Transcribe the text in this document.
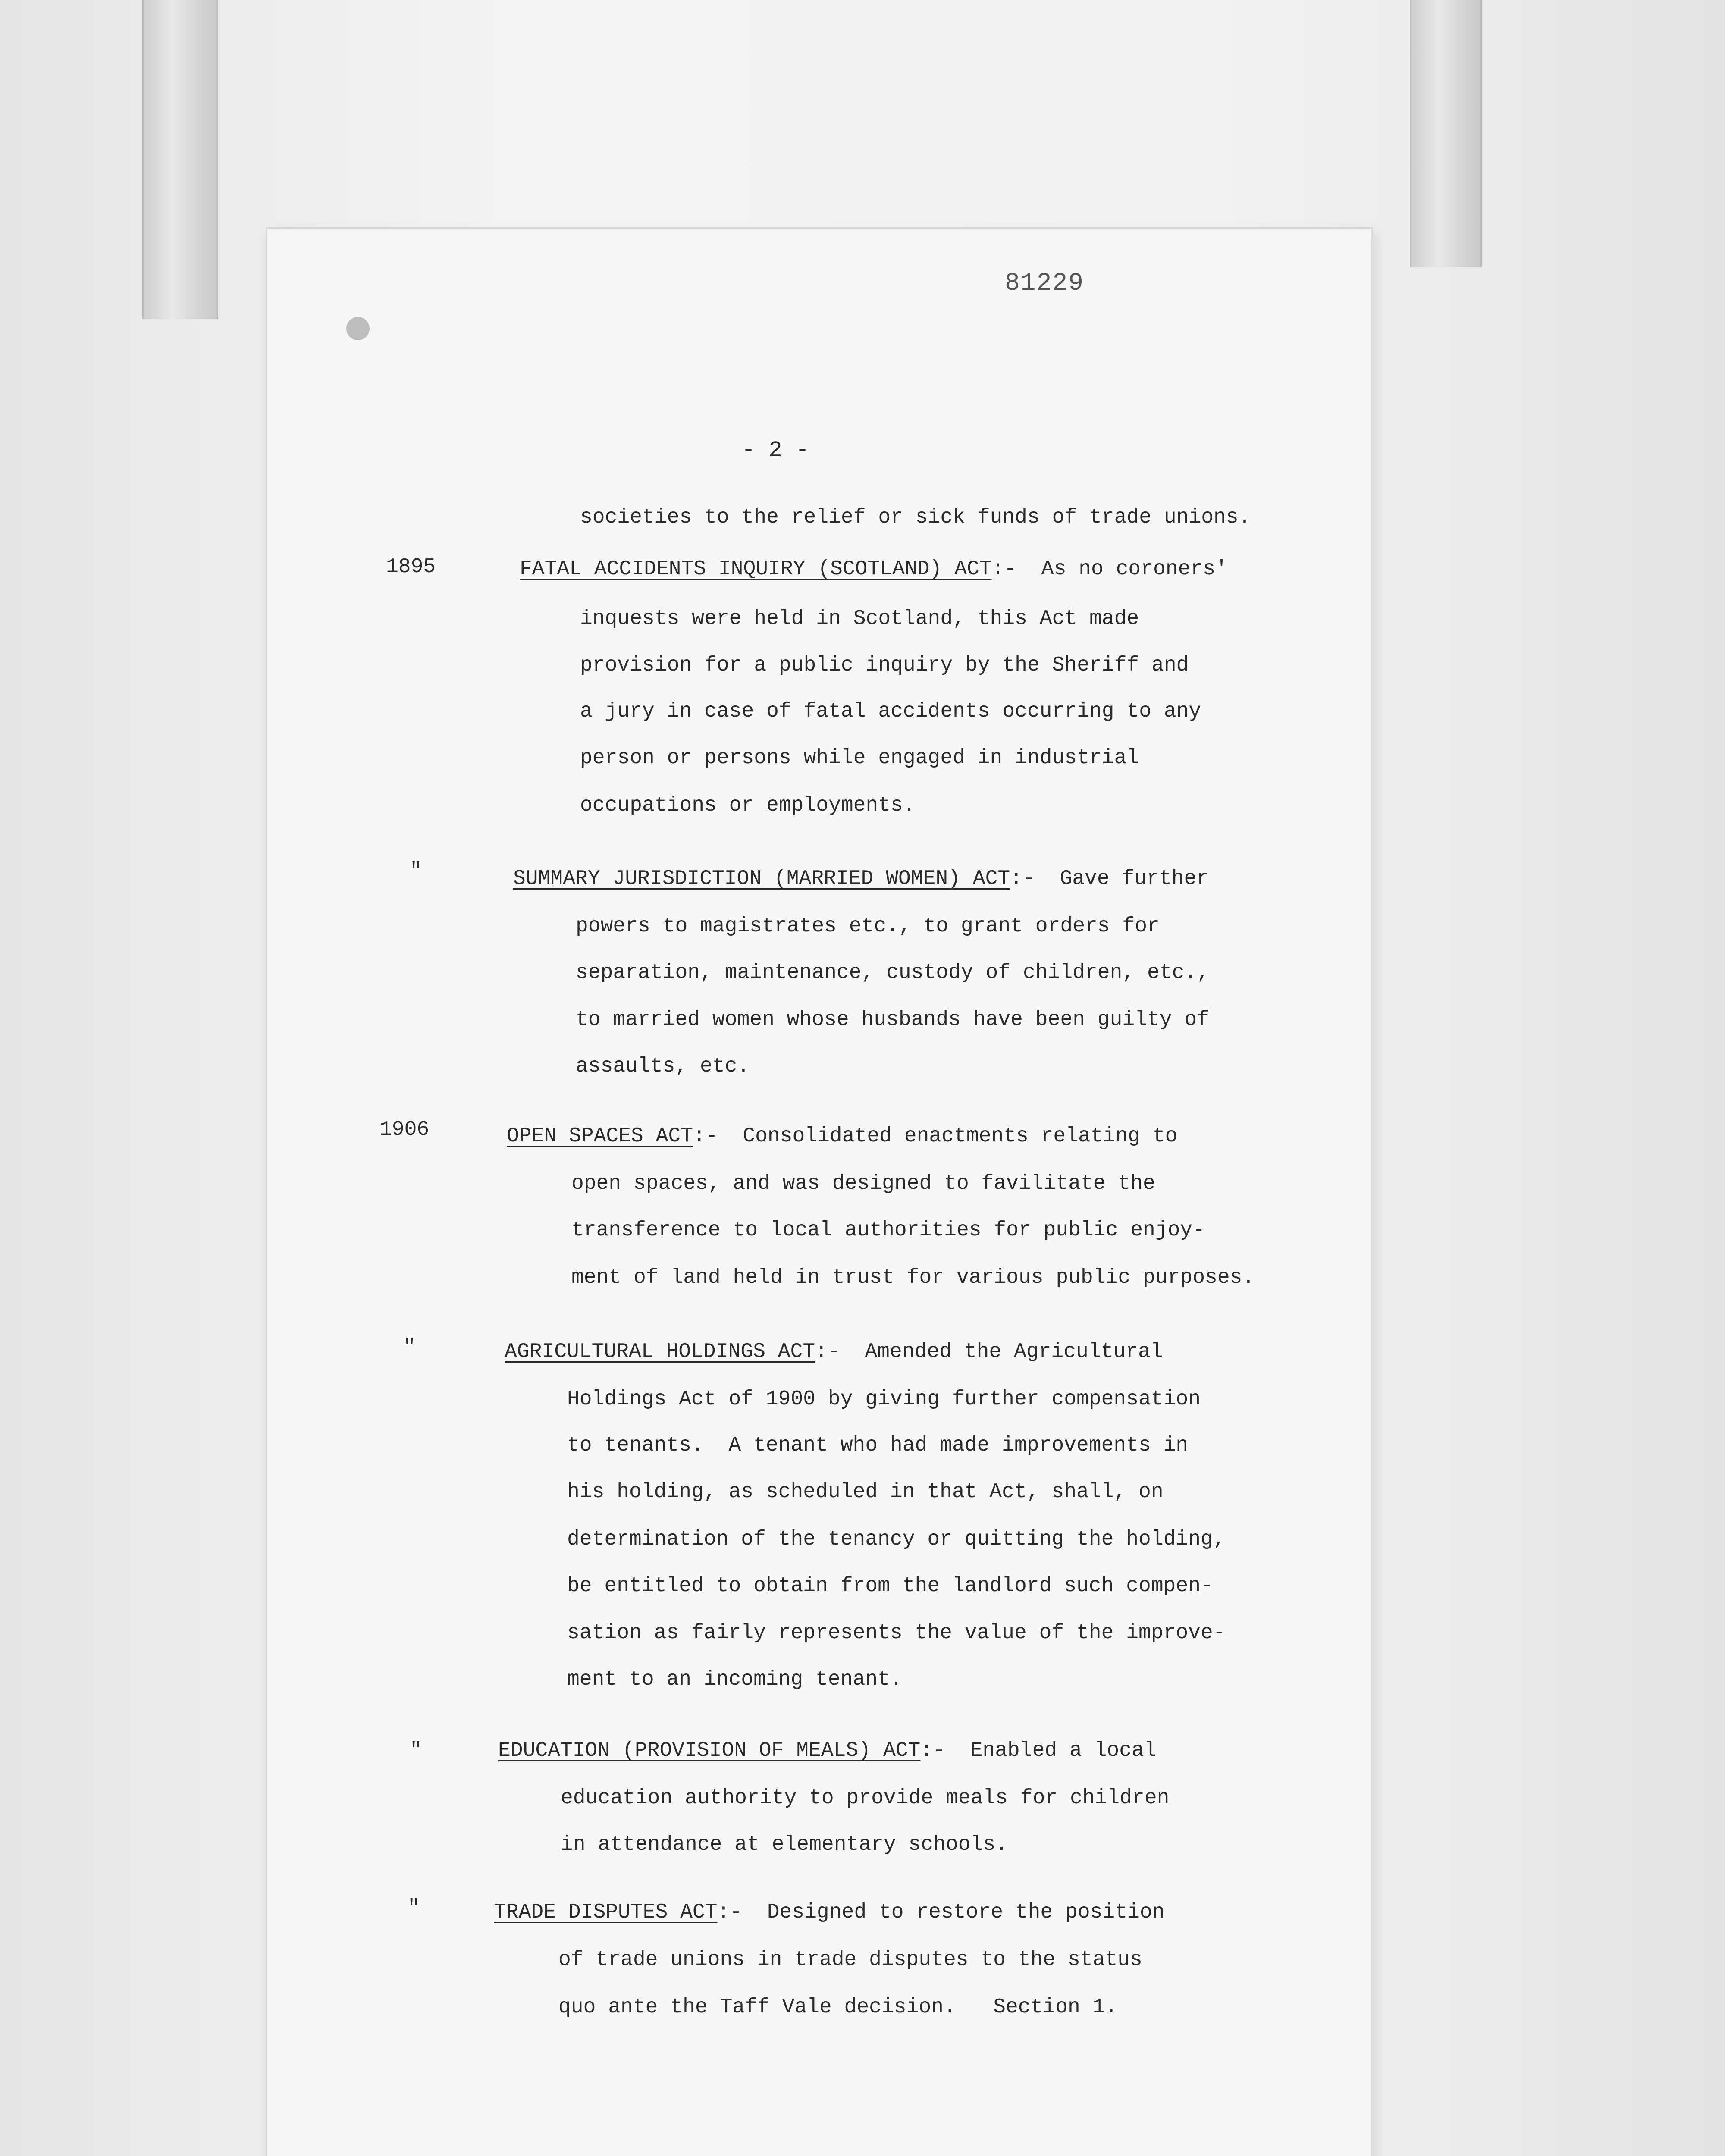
81229
- 2 -
societies to the relief or sick funds of trade unions.
1895	FATAL ACCIDENTS INQUIRY (SCOTLAND) ACT:- As no coroners'
inquests were held in Scotland, this Act made
provision for a public inquiry by the Sheriff and
a jury in case of fatal accidents occurring to any
person or persons while engaged in industrial
occupations or employments.
"	SUMMARY JURISDICTION (MARRIED WOMEN) ACT:- Gave further
powers to magistrates etc., to grant orders for
separation, maintenance, custody of children, etc.,
to married women whose husbands have been guilty of
assaults, etc.
1906	OPEN SPACES ACT:- Consolidated enactments relating to
open spaces, and was designed to favilitate the
transference to local authorities for public enjoy-
ment of land held in trust for various public purposes.
"	AGRICULTURAL HOLDINGS ACT:- Amended the Agricultural
Holdings Act of 1900 by giving further compensation
to tenants.  A tenant who had made improvements in
his holding, as scheduled in that Act, shall, on
determination of the tenancy or quitting the holding,
be entitled to obtain from the landlord such compen-
sation as fairly represents the value of the improve-
ment to an incoming tenant.
"	EDUCATION (PROVISION OF MEALS) ACT:- Enabled a local
education authority to provide meals for children
in attendance at elementary schools.
"	TRADE DISPUTES ACT:- Designed to restore the position
of trade unions in trade disputes to the status
quo ante the Taff Vale decision.   Section 1.
